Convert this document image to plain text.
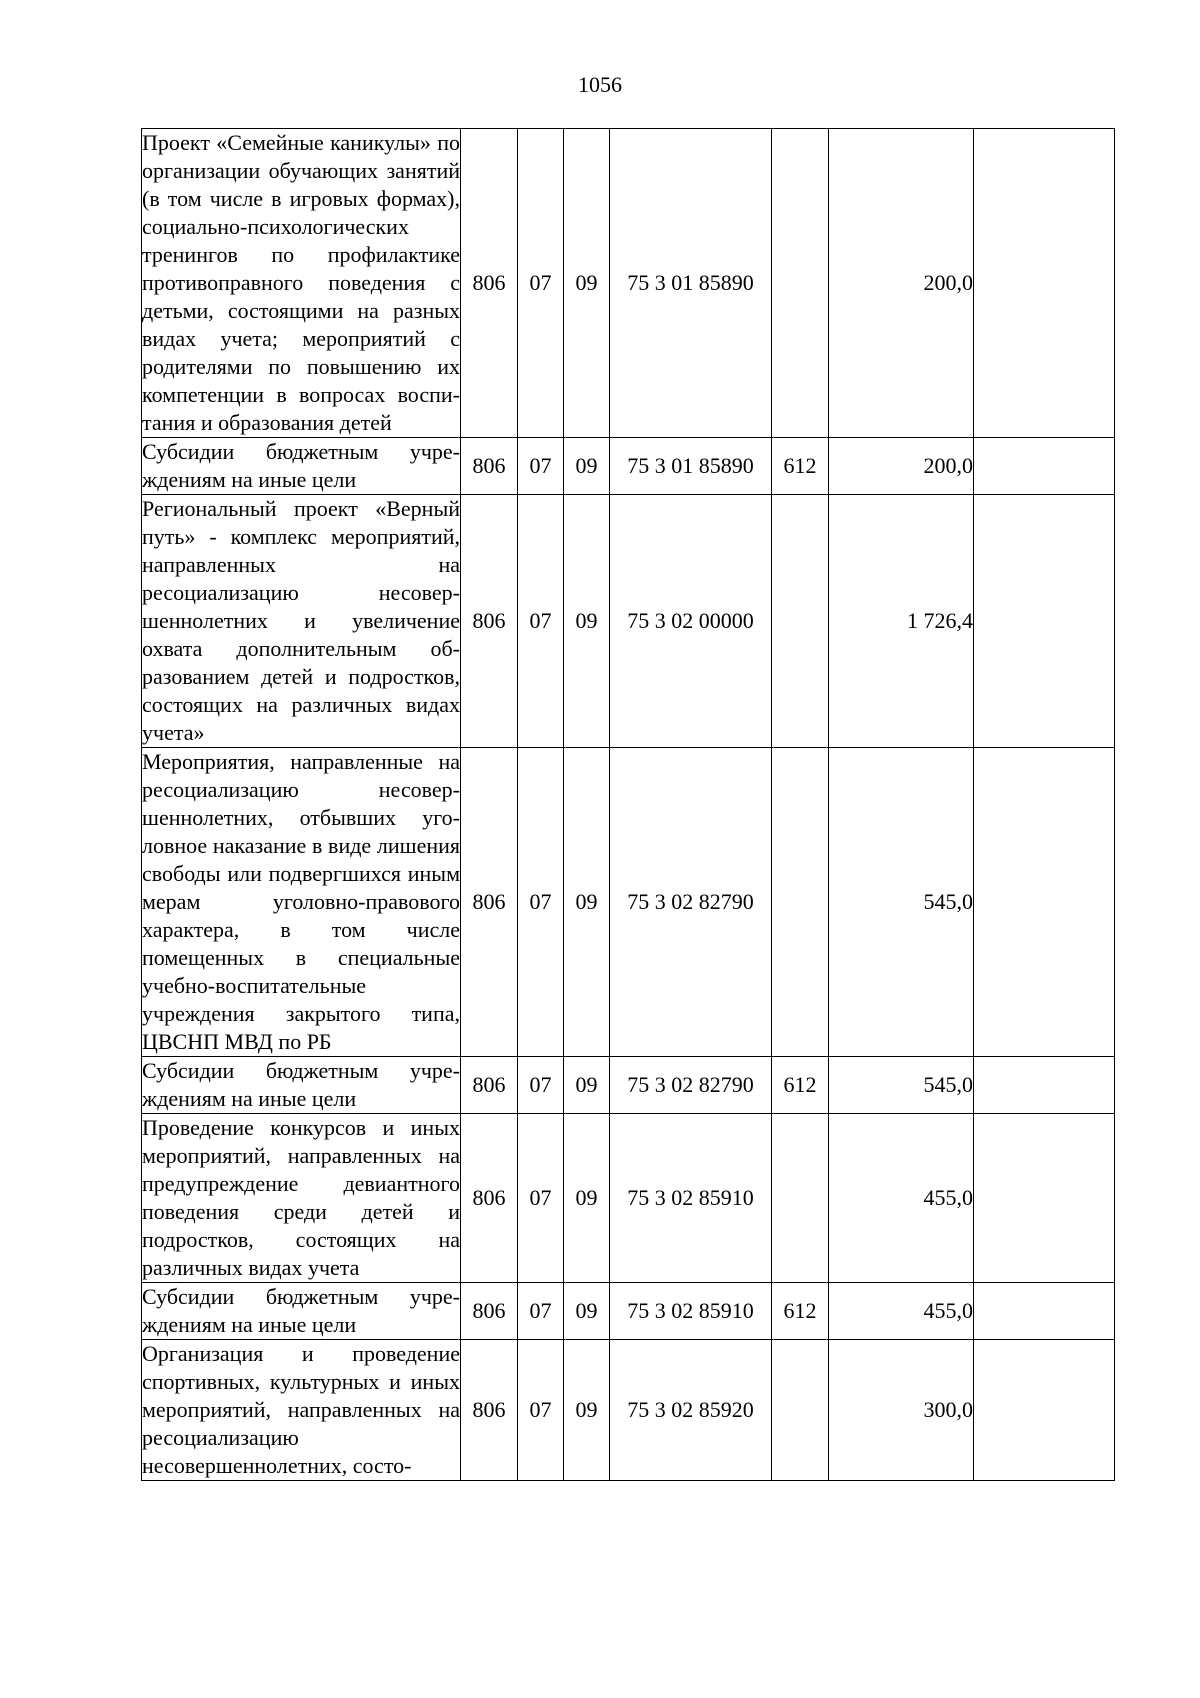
1056
Проект «Семейные каникулы» по организации обучающих занятий (в том числе в игровых формах), социально-психологических тренингов по профилактике противоправного поведения с детьми, состоящими на разных видах учета; мероприятий с родителями по повышению их компетенции в вопросах воспитания и образования детей	806	07	09	75 3 01 85890		200,0	
Субсидии бюджетным учреждениям на иные цели	806	07	09	75 3 01 85890	612	200,0	
Региональный проект «Верный путь» - комплекс мероприятий, направленных на ресоциализацию несовершеннолетних и увеличение охвата дополнительным образованием детей и подростков, состоящих на различных видах учета»	806	07	09	75 3 02 00000		1 726,4	
Мероприятия, направленные на ресоциализацию несовершеннолетних, отбывших уголовное наказание в виде лишения свободы или подвергшихся иным мерам уголовно-правового характера, в том числе помещенных в специальные учебно-воспитательные учреждения закрытого типа, ЦВСНП МВД по РБ	806	07	09	75 3 02 82790		545,0	
Субсидии бюджетным учреждениям на иные цели	806	07	09	75 3 02 82790	612	545,0	
Проведение конкурсов и иных мероприятий, направленных на предупреждение девиантного поведения среди детей и подростков, состоящих на различных видах учета	806	07	09	75 3 02 85910		455,0	
Субсидии бюджетным учреждениям на иные цели	806	07	09	75 3 02 85910	612	455,0	
Организация и проведение спортивных, культурных и иных мероприятий, направленных на ресоциализацию несовершеннолетних, состо-	806	07	09	75 3 02 85920		300,0	
